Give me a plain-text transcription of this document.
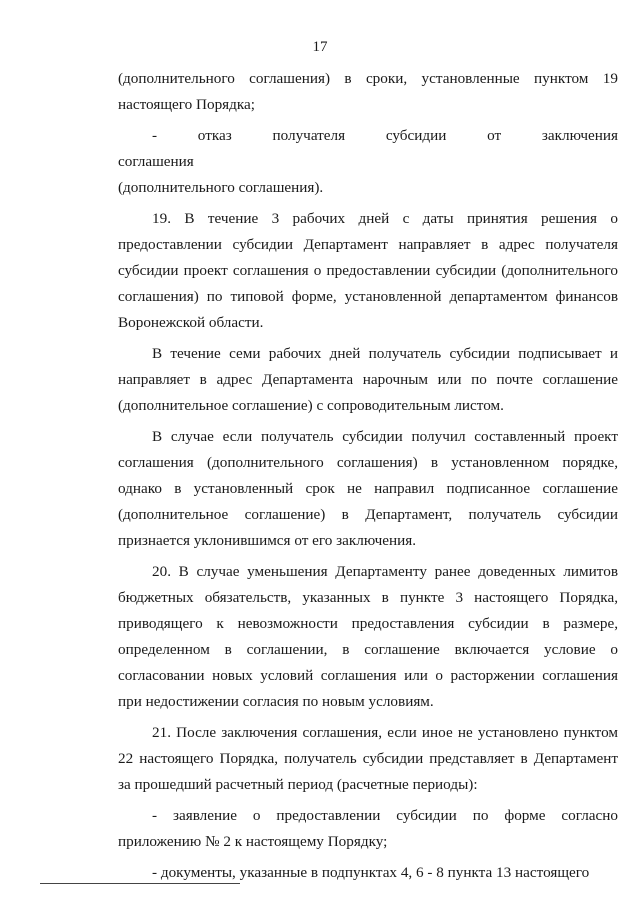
17

(дополнительного соглашения) в сроки, установленные пунктом 19 настоящего Порядка;

- отказ получателя субсидии от заключения соглашения

(дополнительного соглашения).

19. В течение 3 рабочих дней с даты принятия решения о предоставлении субсидии Департамент направляет в адрес получателя субсидии проект соглашения о предоставлении субсидии (дополнительного соглашения) по типовой форме, установленной департаментом финансов Воронежской области.

В течение семи рабочих дней получатель субсидии подписывает и направляет в адрес Департамента нарочным или по почте соглашение (дополнительное соглашение) с сопроводительным листом.

В случае если получатель субсидии получил составленный проект соглашения (дополнительного соглашения) в установленном порядке, однако в установленный срок не направил подписанное соглашение (дополнительное соглашение) в Департамент, получатель субсидии признается уклонившимся от его заключения.

20. В случае уменьшения Департаменту ранее доведенных лимитов бюджетных обязательств, указанных в пункте 3 настоящего Порядка, приводящего к невозможности предоставления субсидии в размере, определенном в соглашении, в соглашение включается условие о согласовании новых условий соглашения или о расторжении соглашения при недостижении согласия по новым условиям.

21. После заключения соглашения, если иное не установлено пунктом 22 настоящего Порядка, получатель субсидии представляет в Департамент за прошедший расчетный период (расчетные периоды):

- заявление о предоставлении субсидии по форме согласно приложению № 2 к настоящему Порядку;

- документы, указанные в подпунктах 4, 6 - 8 пункта 13 настоящего
